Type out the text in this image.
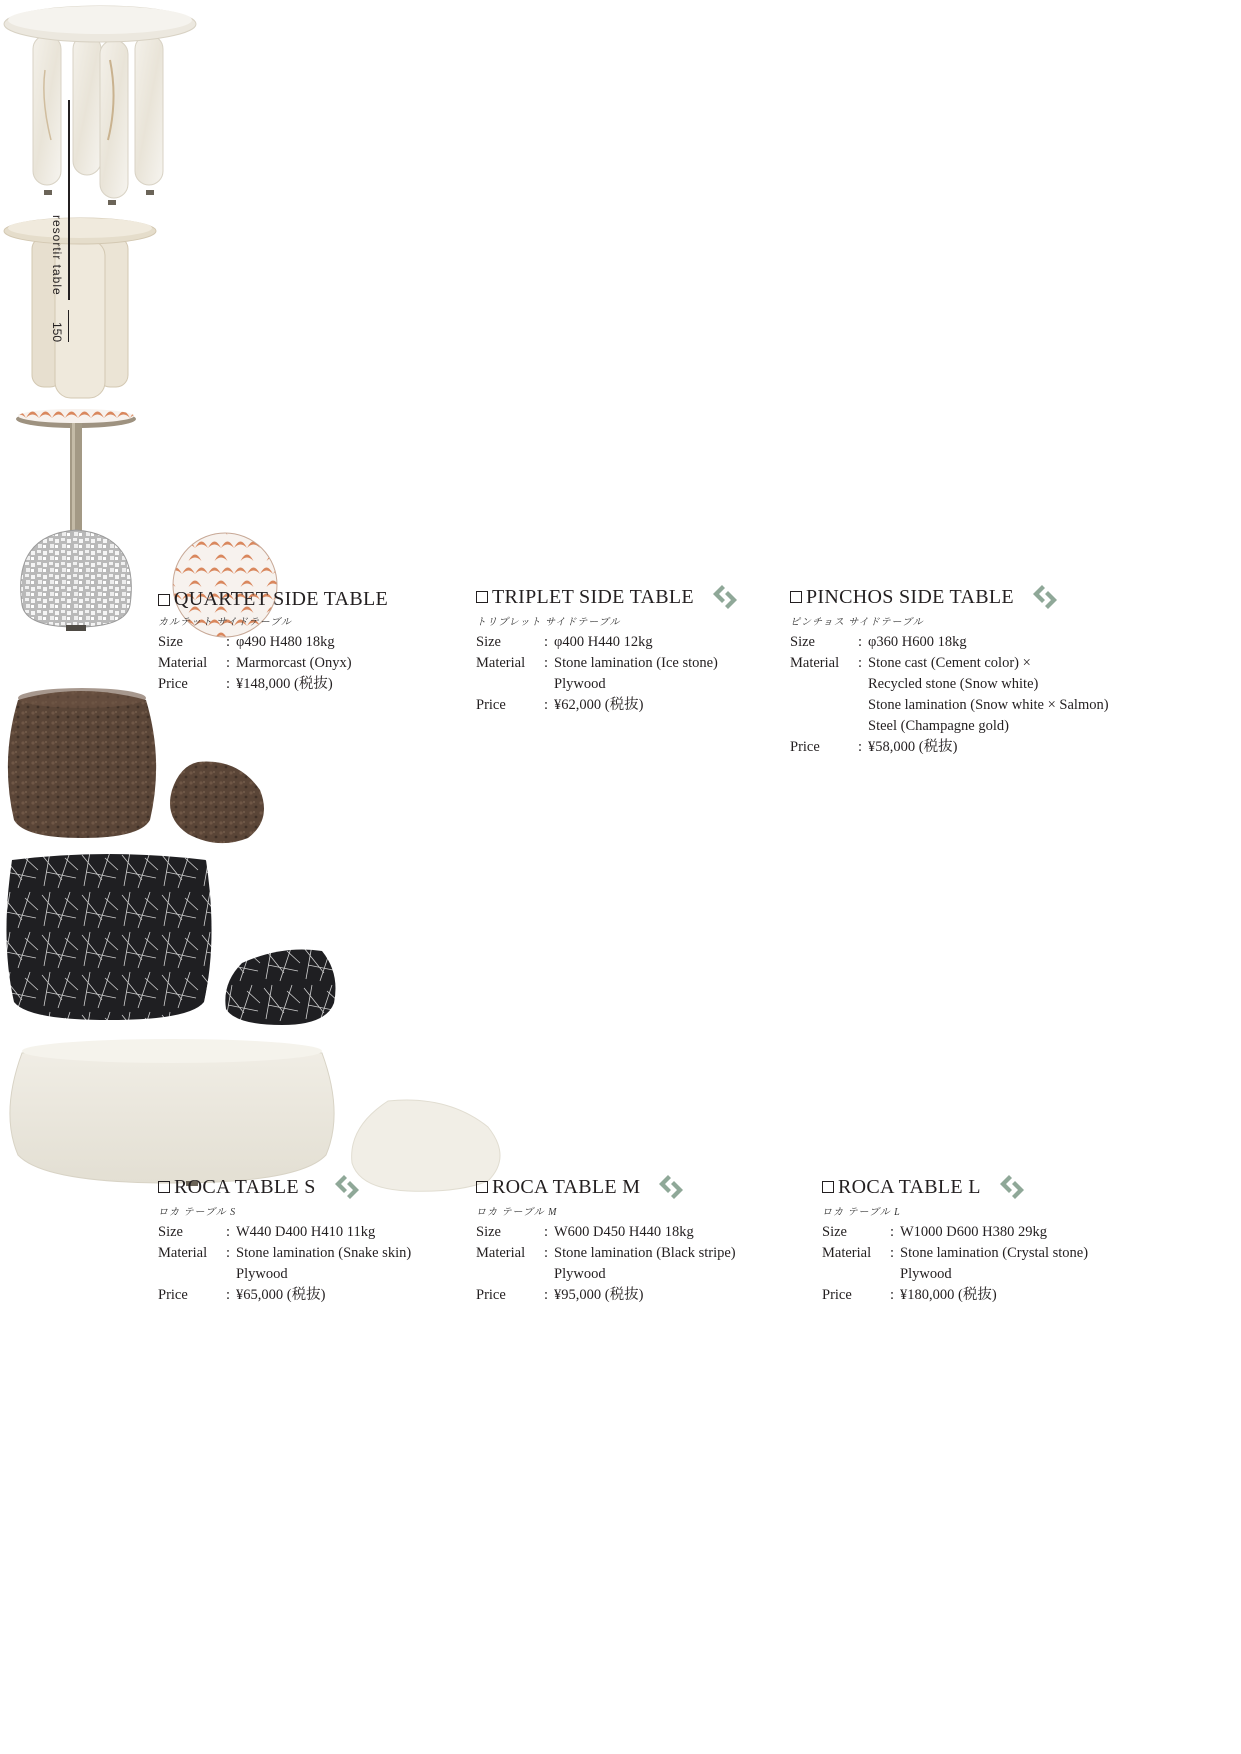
resortir table
150
QUARTET SIDE TABLE
カルテット サイドテーブル
Size	: φ490 H480 18kg
Material	: Marmorcast (Onyx)
Price	: ¥148,000 (税抜)
TRIPLET SIDE TABLE
トリプレット サイドテーブル
Size	: φ400 H440 12kg
Material	: Stone lamination (Ice stone)
Plywood
Price	: ¥62,000 (税抜)
PINCHOS SIDE TABLE
ピンチョス サイドテーブル
Size	: φ360 H600 18kg
Material	: Stone cast (Cement color) ×
Recycled stone (Snow white)
Stone lamination (Snow white × Salmon)
Steel (Champagne gold)
Price	: ¥58,000 (税抜)

ROCA TABLE S
ロカ テーブル S
Size	: W440 D400 H410 11kg
Material	: Stone lamination (Snake skin)
Plywood
Price	: ¥65,000 (税抜)

ROCA TABLE M
ロカ テーブル M
Size	: W600 D450 H440 18kg
Material	: Stone lamination (Black stripe)
Plywood
Price	: ¥95,000 (税抜)

ROCA TABLE L
ロカ テーブル L
Size	: W1000 D600 H380 29kg
Material	: Stone lamination (Crystal stone)
Plywood
Price	: ¥180,000 (税抜)
